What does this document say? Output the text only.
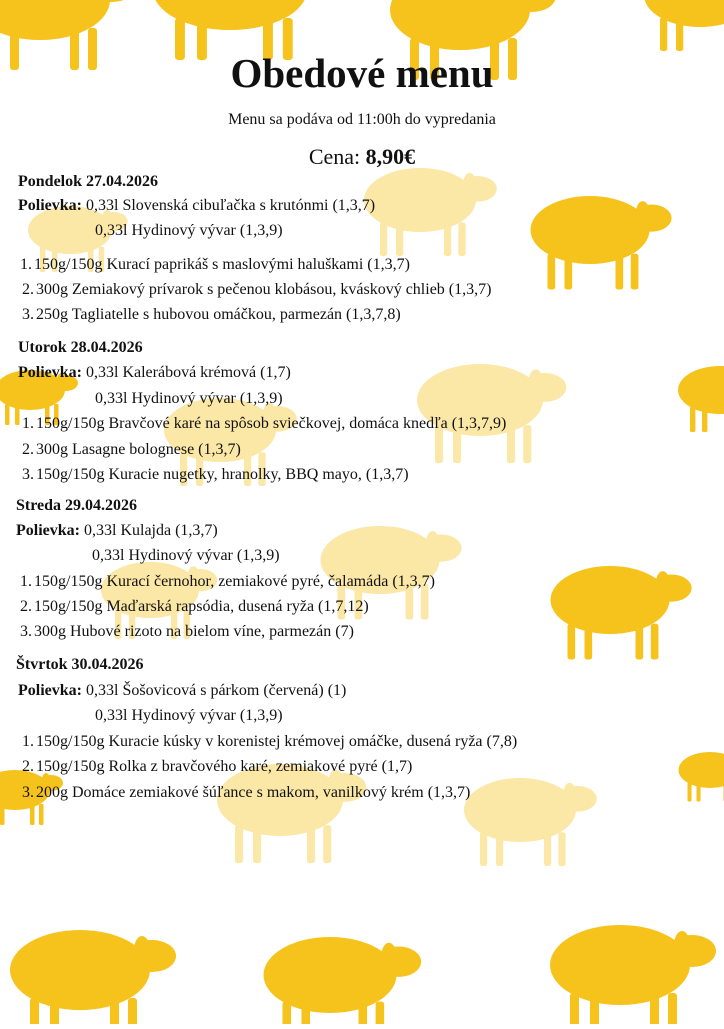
Obedové menu
Menu sa podáva od 11:00h do vypredania
Cena: 8,90€
Pondelok 27.04.2026
Polievka: 0,33l Slovenská cibuľačka s krutónmi (1,3,7)
0,33l Hydinový vývar (1,3,9)
1. 150g/150g Kurací paprikáš s maslovými haluškami (1,3,7)
2. 300g Zemiakový prívarok s pečenou klobásou, kváskový chlieb (1,3,7)
3. 250g Tagliatelle s hubovou omáčkou, parmezán (1,3,7,8)
Utorok 28.04.2026
Polievka: 0,33l Kalerábová krémová (1,7)
0,33l Hydinový vývar (1,3,9)
1. 150g/150g Bravčové karé na spôsob sviečkovej, domáca knedľa (1,3,7,9)
2. 300g Lasagne bolognese (1,3,7)
3. 150g/150g Kuracie nugetky, hranolky, BBQ mayo, (1,3,7)
Streda 29.04.2026
Polievka: 0,33l Kulajda (1,3,7)
0,33l Hydinový vývar (1,3,9)
1. 150g/150g Kurací černohor, zemiakové pyré, čalamáda (1,3,7)
2. 150g/150g Maďarská rapsódia, dusená ryža (1,7,12)
3. 300g Hubové rizoto na bielom víne, parmezán (7)
Štvrtok 30.04.2026
Polievka: 0,33l Šošovicová s párkom (červená) (1)
0,33l Hydinový vývar (1,3,9)
1. 150g/150g Kuracie kúsky v korenistej krémovej omáčke, dusená ryža (7,8)
2. 150g/150g Rolka z bravčového karé, zemiakové pyré (1,7)
3. 200g Domáce zemiakové šúľance s makom, vanilkový krém (1,3,7)
